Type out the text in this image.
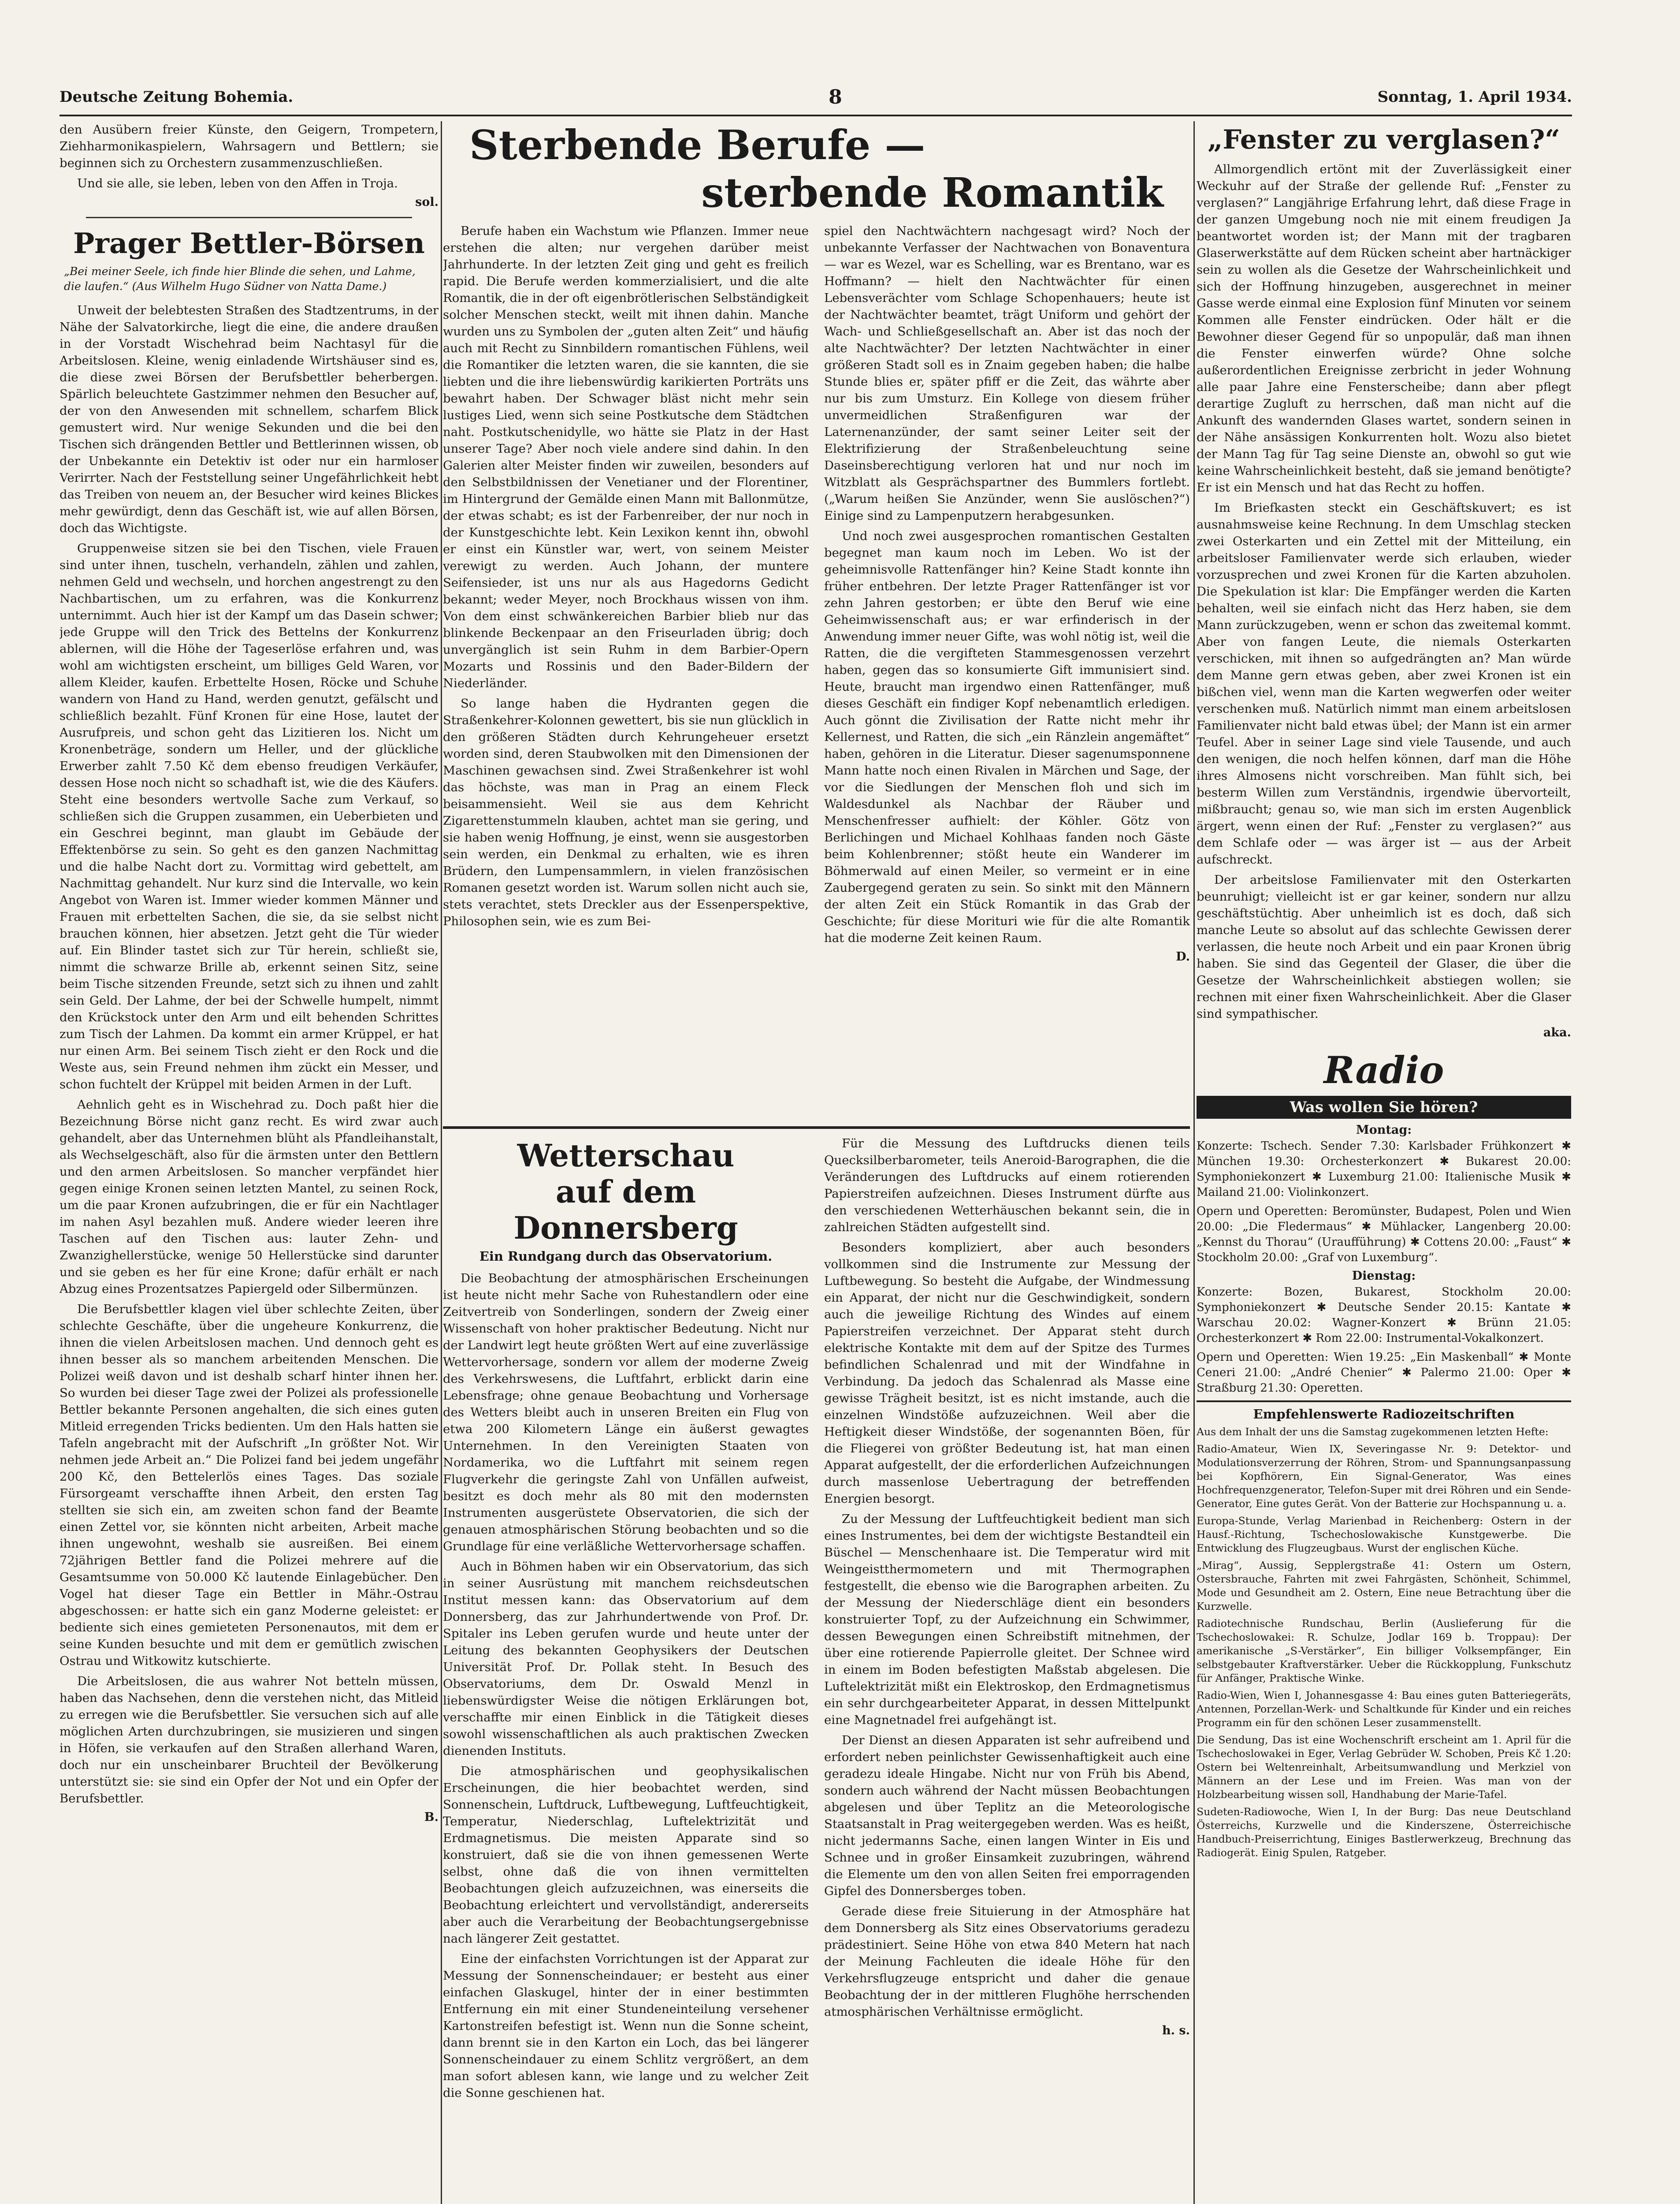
Deutsche Zeitung Bohemia.	8	Sonntag, 1. April 1934.

den Ausübern freier Künste, den Geigern, Trompetern, Ziehharmonikaspielern, Wahrsagern und Bettlern; sie beginnen sich zu Orchestern zusammenzuschließen.

Und sie alle, sie leben, leben von den Affen in Troja.

sol.
Prager Bettler-Börsen

„Bei meiner Seele, ich finde hier Blinde die sehen, und Lahme, die laufen.“ (Aus Wilhelm Hugo Südner von Natta Dame.)

Unweit der belebtesten Straßen des Stadtzentrums, in der Nähe der Salvatorkirche, liegt die eine, die andere draußen in der Vorstadt Wischehrad beim Nachtasyl für die Arbeitslosen. Kleine, wenig einladende Wirtshäuser sind es, die diese zwei Börsen der Berufsbettler beherbergen. Spärlich beleuchtete Gastzimmer nehmen den Besucher auf, der von den Anwesenden mit schnellem, scharfem Blick gemustert wird. Nur wenige Sekunden und die bei den Tischen sich drängenden Bettler und Bettlerinnen wissen, ob der Unbekannte ein Detektiv ist oder nur ein harmloser Verirrter. Nach der Feststellung seiner Ungefährlichkeit hebt das Treiben von neuem an, der Besucher wird keines Blickes mehr gewürdigt, denn das Geschäft ist, wie auf allen Börsen, doch das Wichtigste.

Gruppenweise sitzen sie bei den Tischen, viele Frauen sind unter ihnen, tuscheln, verhandeln, zählen und zahlen, nehmen Geld und wechseln, und horchen angestrengt zu den Nachbartischen, um zu erfahren, was die Konkurrenz unternimmt. Auch hier ist der Kampf um das Dasein schwer; jede Gruppe will den Trick des Bettelns der Konkurrenz ablernen, will die Höhe der Tageserlöse erfahren und, was wohl am wichtigsten erscheint, um billiges Geld Waren, vor allem Kleider, kaufen. Erbettelte Hosen, Röcke und Schuhe wandern von Hand zu Hand, werden genutzt, gefälscht und schließlich bezahlt. Fünf Kronen für eine Hose, lautet der Ausrufpreis, und schon geht das Lizitieren los. Nicht um Kronenbeträge, sondern um Heller, und der glückliche Erwerber zahlt 7.50 Kč dem ebenso freudigen Verkäufer, dessen Hose noch nicht so schadhaft ist, wie die des Käufers. Steht eine besonders wertvolle Sache zum Verkauf, so schließen sich die Gruppen zusammen, ein Ueberbieten und ein Geschrei beginnt, man glaubt im Gebäude der Effektenbörse zu sein. So geht es den ganzen Nachmittag und die halbe Nacht dort zu. Vormittag wird gebettelt, am Nachmittag gehandelt. Nur kurz sind die Intervalle, wo kein Angebot von Waren ist. Immer wieder kommen Männer und Frauen mit erbettelten Sachen, die sie, da sie selbst nicht brauchen können, hier absetzen. Jetzt geht die Tür wieder auf. Ein Blinder tastet sich zur Tür herein, schließt sie, nimmt die schwarze Brille ab, erkennt seinen Sitz, seine beim Tische sitzenden Freunde, setzt sich zu ihnen und zahlt sein Geld. Der Lahme, der bei der Schwelle humpelt, nimmt den Krückstock unter den Arm und eilt behenden Schrittes zum Tisch der Lahmen. Da kommt ein armer Krüppel, er hat nur einen Arm. Bei seinem Tisch zieht er den Rock und die Weste aus, sein Freund nehmen ihm zückt ein Messer, und schon fuchtelt der Krüppel mit beiden Armen in der Luft.

Aehnlich geht es in Wischehrad zu. Doch paßt hier die Bezeichnung Börse nicht ganz recht. Es wird zwar auch gehandelt, aber das Unternehmen blüht als Pfandleihanstalt, als Wechselgeschäft, also für die ärmsten unter den Bettlern und den armen Arbeitslosen. So mancher verpfändet hier gegen einige Kronen seinen letzten Mantel, zu seinen Rock, um die paar Kronen aufzubringen, die er für ein Nachtlager im nahen Asyl bezahlen muß. Andere wieder leeren ihre Taschen auf den Tischen aus: lauter Zehn- und Zwanzighellerstücke, wenige 50 Hellerstücke sind darunter und sie geben es her für eine Krone; dafür erhält er nach Abzug eines Prozentsatzes Papiergeld oder Silbermünzen.

Die Berufsbettler klagen viel über schlechte Zeiten, über schlechte Geschäfte, über die ungeheure Konkurrenz, die ihnen die vielen Arbeitslosen machen. Und dennoch geht es ihnen besser als so manchem arbeitenden Menschen. Die Polizei weiß davon und ist deshalb scharf hinter ihnen her. So wurden bei dieser Tage zwei der Polizei als professionelle Bettler bekannte Personen angehalten, die sich eines guten Mitleid erregenden Tricks bedienten. Um den Hals hatten sie Tafeln angebracht mit der Aufschrift „In größter Not. Wir nehmen jede Arbeit an.“ Die Polizei fand bei jedem ungefähr 200 Kč, den Bettelerlös eines Tages. Das soziale Fürsorgeamt verschaffte ihnen Arbeit, den ersten Tag stellten sie sich ein, am zweiten schon fand der Beamte einen Zettel vor, sie könnten nicht arbeiten, Arbeit mache ihnen ungewohnt, weshalb sie ausreißen. Bei einem 72jährigen Bettler fand die Polizei mehrere auf die Gesamtsumme von 50.000 Kč lautende Einlagebücher. Den Vogel hat dieser Tage ein Bettler in Mähr.-Ostrau abgeschossen: er hatte sich ein ganz Moderne geleistet: er bediente sich eines gemieteten Personenautos, mit dem er seine Kunden besuchte und mit dem er gemütlich zwischen Ostrau und Witkowitz kutschierte.

Die Arbeitslosen, die aus wahrer Not betteln müssen, haben das Nachsehen, denn die verstehen nicht, das Mitleid zu erregen wie die Berufsbettler. Sie versuchen sich auf alle möglichen Arten durchzubringen, sie musizieren und singen in Höfen, sie verkaufen auf den Straßen allerhand Waren, doch nur ein unscheinbarer Bruchteil der Bevölkerung unterstützt sie: sie sind ein Opfer der Not und ein Opfer der Berufsbettler.

B.
Sterbende Berufe —
sterbende Romantik

Berufe haben ein Wachstum wie Pflanzen. Immer neue erstehen die alten; nur vergehen darüber meist Jahrhunderte. In der letzten Zeit ging und geht es freilich rapid. Die Berufe werden kommerzialisiert, und die alte Romantik, die in der oft eigenbrötlerischen Selbständigkeit solcher Menschen steckt, weilt mit ihnen dahin. Manche wurden uns zu Symbolen der „guten alten Zeit“ und häufig auch mit Recht zu Sinnbildern romantischen Fühlens, weil die Romantiker die letzten waren, die sie kannten, die sie liebten und die ihre liebenswürdig karikierten Porträts uns bewahrt haben. Der Schwager bläst nicht mehr sein lustiges Lied, wenn sich seine Postkutsche dem Städtchen naht. Postkutschenidylle, wo hätte sie Platz in der Hast unserer Tage? Aber noch viele andere sind dahin. In den Galerien alter Meister finden wir zuweilen, besonders auf den Selbstbildnissen der Venetianer und der Florentiner, im Hintergrund der Gemälde einen Mann mit Ballonmütze, der etwas schabt; es ist der Farbenreiber, der nur noch in der Kunstgeschichte lebt. Kein Lexikon kennt ihn, obwohl er einst ein Künstler war, wert, von seinem Meister verewigt zu werden. Auch Johann, der muntere Seifensieder, ist uns nur als aus Hagedorns Gedicht bekannt; weder Meyer, noch Brockhaus wissen von ihm. Von dem einst schwänkereichen Barbier blieb nur das blinkende Beckenpaar an den Friseurladen übrig; doch unvergänglich ist sein Ruhm in dem Barbier-Opern Mozarts und Rossinis und den Bader-Bildern der Niederländer.

So lange haben die Hydranten gegen die Straßenkehrer-Kolonnen gewettert, bis sie nun glücklich in den größeren Städten durch Kehrungeheuer ersetzt worden sind, deren Staubwolken mit den Dimensionen der Maschinen gewachsen sind. Zwei Straßenkehrer ist wohl das höchste, was man in Prag an einem Fleck beisammensieht. Weil sie aus dem Kehricht Zigarettenstummeln klauben, achtet man sie gering, und sie haben wenig Hoffnung, je einst, wenn sie ausgestorben sein werden, ein Denkmal zu erhalten, wie es ihren Brüdern, den Lumpensammlern, in vielen französischen Romanen gesetzt worden ist. Warum sollen nicht auch sie, stets verachtet, stets Dreckler aus der Essenperspektive, Philosophen sein, wie es zum Bei-

spiel den Nachtwächtern nachgesagt wird? Noch der unbekannte Verfasser der Nachtwachen von Bonaventura — war es Wezel, war es Schelling, war es Brentano, war es Hoffmann? — hielt den Nachtwächter für einen Lebensverächter vom Schlage Schopenhauers; heute ist der Nachtwächter beamtet, trägt Uniform und gehört der Wach- und Schließgesellschaft an. Aber ist das noch der alte Nachtwächter? Der letzten Nachtwächter in einer größeren Stadt soll es in Znaim gegeben haben; die halbe Stunde blies er, später pfiff er die Zeit, das währte aber nur bis zum Umsturz. Ein Kollege von diesem früher unvermeidlichen Straßenfiguren war der Laternenanzünder, der samt seiner Leiter seit der Elektrifizierung der Straßenbeleuchtung seine Daseinsberechtigung verloren hat und nur noch im Witzblatt als Gesprächspartner des Bummlers fortlebt. („Warum heißen Sie Anzünder, wenn Sie auslöschen?“) Einige sind zu Lampenputzern herabgesunken.

Und noch zwei ausgesprochen romantischen Gestalten begegnet man kaum noch im Leben. Wo ist der geheimnisvolle Rattenfänger hin? Keine Stadt konnte ihn früher entbehren. Der letzte Prager Rattenfänger ist vor zehn Jahren gestorben; er übte den Beruf wie eine Geheimwissenschaft aus; er war erfinderisch in der Anwendung immer neuer Gifte, was wohl nötig ist, weil die Ratten, die die vergifteten Stammesgenossen verzehrt haben, gegen das so konsumierte Gift immunisiert sind. Heute, braucht man irgendwo einen Rattenfänger, muß dieses Geschäft ein findiger Kopf nebenamtlich erledigen. Auch gönnt die Zivilisation der Ratte nicht mehr ihr Kellernest, und Ratten, die sich „ein Ränzlein angemäftet“ haben, gehören in die Literatur. Dieser sagenumsponnene Mann hatte noch einen Rivalen in Märchen und Sage, der vor die Siedlungen der Menschen floh und sich im Waldesdunkel als Nachbar der Räuber und Menschenfresser aufhielt: der Köhler. Götz von Berlichingen und Michael Kohlhaas fanden noch Gäste beim Kohlenbrenner; stößt heute ein Wanderer im Böhmerwald auf einen Meiler, so vermeint er in eine Zaubergegend geraten zu sein. So sinkt mit den Männern der alten Zeit ein Stück Romantik in das Grab der Geschichte; für diese Morituri wie für die alte Romantik hat die moderne Zeit keinen Raum.

D.
Wetterschau
auf dem Donnersberg
Ein Rundgang durch das Observatorium.

Die Beobachtung der atmosphärischen Erscheinungen ist heute nicht mehr Sache von Ruhestandlern oder eine Zeitvertreib von Sonderlingen, sondern der Zweig einer Wissenschaft von hoher praktischer Bedeutung. Nicht nur der Landwirt legt heute größten Wert auf eine zuverlässige Wettervorhersage, sondern vor allem der moderne Zweig des Verkehrswesens, die Luftfahrt, erblickt darin eine Lebensfrage; ohne genaue Beobachtung und Vorhersage des Wetters bleibt auch in unseren Breiten ein Flug von etwa 200 Kilometern Länge ein äußerst gewagtes Unternehmen. In den Vereinigten Staaten von Nordamerika, wo die Luftfahrt mit seinem regen Flugverkehr die geringste Zahl von Unfällen aufweist, besitzt es doch mehr als 80 mit den modernsten Instrumenten ausgerüstete Observatorien, die sich der genauen atmosphärischen Störung beobachten und so die Grundlage für eine verläßliche Wettervorhersage schaffen.

Auch in Böhmen haben wir ein Observatorium, das sich in seiner Ausrüstung mit manchem reichsdeutschen Institut messen kann: das Observatorium auf dem Donnersberg, das zur Jahrhundertwende von Prof. Dr. Spitaler ins Leben gerufen wurde und heute unter der Leitung des bekannten Geophysikers der Deutschen Universität Prof. Dr. Pollak steht. In Besuch des Observatoriums, dem Dr. Oswald Menzl in liebenswürdigster Weise die nötigen Erklärungen bot, verschaffte mir einen Einblick in die Tätigkeit dieses sowohl wissenschaftlichen als auch praktischen Zwecken dienenden Instituts.

Die atmosphärischen und geophysikalischen Erscheinungen, die hier beobachtet werden, sind Sonnenschein, Luftdruck, Luftbewegung, Luftfeuchtigkeit, Temperatur, Niederschlag, Luftelektrizität und Erdmagnetismus. Die meisten Apparate sind so konstruiert, daß sie die von ihnen gemessenen Werte selbst, ohne daß die von ihnen vermittelten Beobachtungen gleich aufzuzeichnen, was einerseits die Beobachtung erleichtert und vervollständigt, andererseits aber auch die Verarbeitung der Beobachtungsergebnisse nach längerer Zeit gestattet.

Eine der einfachsten Vorrichtungen ist der Apparat zur Messung der Sonnenscheindauer; er besteht aus einer einfachen Glaskugel, hinter der in einer bestimmten Entfernung ein mit einer Stundeneinteilung versehener Kartonstreifen befestigt ist. Wenn nun die Sonne scheint, dann brennt sie in den Karton ein Loch, das bei längerer Sonnenscheindauer zu einem Schlitz vergrößert, an dem man sofort ablesen kann, wie lange und zu welcher Zeit die Sonne geschienen hat.

Für die Messung des Luftdrucks dienen teils Quecksilberbarometer, teils Aneroid-Barographen, die die Veränderungen des Luftdrucks auf einem rotierenden Papierstreifen aufzeichnen. Dieses Instrument dürfte aus den verschiedenen Wetterhäuschen bekannt sein, die in zahlreichen Städten aufgestellt sind.

Besonders kompliziert, aber auch besonders vollkommen sind die Instrumente zur Messung der Luftbewegung. So besteht die Aufgabe, der Windmessung ein Apparat, der nicht nur die Geschwindigkeit, sondern auch die jeweilige Richtung des Windes auf einem Papierstreifen verzeichnet. Der Apparat steht durch elektrische Kontakte mit dem auf der Spitze des Turmes befindlichen Schalenrad und mit der Windfahne in Verbindung. Da jedoch das Schalenrad als Masse eine gewisse Trägheit besitzt, ist es nicht imstande, auch die einzelnen Windstöße aufzuzeichnen. Weil aber die Heftigkeit dieser Windstöße, der sogenannten Böen, für die Fliegerei von größter Bedeutung ist, hat man einen Apparat aufgestellt, der die erforderlichen Aufzeichnungen durch massenlose Uebertragung der betreffenden Energien besorgt.

Zu der Messung der Luftfeuchtigkeit bedient man sich eines Instrumentes, bei dem der wichtigste Bestandteil ein Büschel — Menschenhaare ist. Die Temperatur wird mit Weingeistthermometern und mit Thermographen festgestellt, die ebenso wie die Barographen arbeiten. Zu der Messung der Niederschläge dient ein besonders konstruierter Topf, zu der Aufzeichnung ein Schwimmer, dessen Bewegungen einen Schreibstift mitnehmen, der über eine rotierende Papierrolle gleitet. Der Schnee wird in einem im Boden befestigten Maßstab abgelesen. Die Luftelektrizität mißt ein Elektroskop, den Erdmagnetismus ein sehr durchgearbeiteter Apparat, in dessen Mittelpunkt eine Magnetnadel frei aufgehängt ist.

Der Dienst an diesen Apparaten ist sehr aufreibend und erfordert neben peinlichster Gewissenhaftigkeit auch eine geradezu ideale Hingabe. Nicht nur von Früh bis Abend, sondern auch während der Nacht müssen Beobachtungen abgelesen und über Teplitz an die Meteorologische Staatsanstalt in Prag weitergegeben werden. Was es heißt, nicht jedermanns Sache, einen langen Winter in Eis und Schnee und in großer Einsamkeit zuzubringen, während die Elemente um den von allen Seiten frei emporragenden Gipfel des Donnersberges toben.

Gerade diese freie Situierung in der Atmosphäre hat dem Donnersberg als Sitz eines Observatoriums geradezu prädestiniert. Seine Höhe von etwa 840 Metern hat nach der Meinung Fachleuten die ideale Höhe für den Verkehrsflugzeuge entspricht und daher die genaue Beobachtung der in der mittleren Flughöhe herrschenden atmosphärischen Verhältnisse ermöglicht.

h. s.
„Fenster zu verglasen?“

Allmorgendlich ertönt mit der Zuverlässigkeit einer Weckuhr auf der Straße der gellende Ruf: „Fenster zu verglasen?“ Langjährige Erfahrung lehrt, daß diese Frage in der ganzen Umgebung noch nie mit einem freudigen Ja beantwortet worden ist; der Mann mit der tragbaren Glaserwerkstätte auf dem Rücken scheint aber hartnäckiger sein zu wollen als die Gesetze der Wahrscheinlichkeit und sich der Hoffnung hinzugeben, ausgerechnet in meiner Gasse werde einmal eine Explosion fünf Minuten vor seinem Kommen alle Fenster eindrücken. Oder hält er die Bewohner dieser Gegend für so unpopulär, daß man ihnen die Fenster einwerfen würde? Ohne solche außerordentlichen Ereignisse zerbricht in jeder Wohnung alle paar Jahre eine Fensterscheibe; dann aber pflegt derartige Zugluft zu herrschen, daß man nicht auf die Ankunft des wandernden Glases wartet, sondern seinen in der Nähe ansässigen Konkurrenten holt. Wozu also bietet der Mann Tag für Tag seine Dienste an, obwohl so gut wie keine Wahrscheinlichkeit besteht, daß sie jemand benötigte? Er ist ein Mensch und hat das Recht zu hoffen.

Im Briefkasten steckt ein Geschäftskuvert; es ist ausnahmsweise keine Rechnung. In dem Umschlag stecken zwei Osterkarten und ein Zettel mit der Mitteilung, ein arbeitsloser Familienvater werde sich erlauben, wieder vorzusprechen und zwei Kronen für die Karten abzuholen. Die Spekulation ist klar: Die Empfänger werden die Karten behalten, weil sie einfach nicht das Herz haben, sie dem Mann zurückzugeben, wenn er schon das zweitemal kommt. Aber von fangen Leute, die niemals Osterkarten verschicken, mit ihnen so aufgedrängten an? Man würde dem Manne gern etwas geben, aber zwei Kronen ist ein bißchen viel, wenn man die Karten wegwerfen oder weiter verschenken muß. Natürlich nimmt man einem arbeitslosen Familienvater nicht bald etwas übel; der Mann ist ein armer Teufel. Aber in seiner Lage sind viele Tausende, und auch den wenigen, die noch helfen können, darf man die Höhe ihres Almosens nicht vorschreiben. Man fühlt sich, bei besterm Willen zum Verständnis, irgendwie übervorteilt, mißbraucht; genau so, wie man sich im ersten Augenblick ärgert, wenn einen der Ruf: „Fenster zu verglasen?“ aus dem Schlafe oder — was ärger ist — aus der Arbeit aufschreckt.

Der arbeitslose Familienvater mit den Osterkarten beunruhigt; vielleicht ist er gar keiner, sondern nur allzu geschäftstüchtig. Aber unheimlich ist es doch, daß sich manche Leute so absolut auf das schlechte Gewissen derer verlassen, die heute noch Arbeit und ein paar Kronen übrig haben. Sie sind das Gegenteil der Glaser, die über die Gesetze der Wahrscheinlichkeit abstiegen wollen; sie rechnen mit einer fixen Wahrscheinlichkeit. Aber die Glaser sind sympathischer.

aka.
Radio
Was wollen Sie hören?
Montag:

Konzerte: Tschech. Sender 7.30: Karlsbader Frühkonzert ✱ München 19.30: Orchesterkonzert ✱ Bukarest 20.00: Symphoniekonzert ✱ Luxemburg 21.00: Italienische Musik ✱ Mailand 21.00: Violinkonzert.

Opern und Operetten: Beromünster, Budapest, Polen und Wien 20.00: „Die Fledermaus“ ✱ Mühlacker, Langenberg 20.00: „Kennst du Thorau“ (Uraufführung) ✱ Cottens 20.00: „Faust“ ✱ Stockholm 20.00: „Graf von Luxemburg“.

Dienstag:

Konzerte: Bozen, Bukarest, Stockholm 20.00: Symphoniekonzert ✱ Deutsche Sender 20.15: Kantate ✱ Warschau 20.02: Wagner-Konzert ✱ Brünn 21.05: Orchesterkonzert ✱ Rom 22.00: Instrumental-Vokalkonzert.

Opern und Operetten: Wien 19.25: „Ein Maskenball“ ✱ Monte Ceneri 21.00: „André Chenier“ ✱ Palermo 21.00: Oper ✱ Straßburg 21.30: Operetten.

Empfehlenswerte Radiozeitschriften

Aus dem Inhalt der uns die Samstag zugekommenen letzten Hefte:

Radio-Amateur, Wien IX, Severingasse Nr. 9: Detektor- und Modulationsverzerrung der Röhren, Strom- und Spannungsanpassung bei Kopfhörern, Ein Signal-Generator, Was eines Hochfrequenzgenerator, Telefon-Super mit drei Röhren und ein Sende-Generator, Eine gutes Gerät. Von der Batterie zur Hochspannung u. a.

Europa-Stunde, Verlag Marienbad in Reichenberg: Ostern in der Hausf.-Richtung, Tschechoslowakische Kunstgewerbe. Die Entwicklung des Flugzeugbaus. Wurst der englischen Küche.

„Mirag“, Aussig, Sepplergstraße 41: Ostern um Ostern, Ostersbrauche, Fahrten mit zwei Fahrgästen, Schönheit, Schimmel, Mode und Gesundheit am 2. Ostern, Eine neue Betrachtung über die Kurzwelle.

Radiotechnische Rundschau, Berlin (Auslieferung für die Tschechoslowakei: R. Schulze, Jodlar 169 b. Troppau): Der amerikanische „S-Verstärker“, Ein billiger Volksempfänger, Ein selbstgebauter Kraftverstärker. Ueber die Rückkopplung, Funkschutz für Anfänger, Praktische Winke.

Radio-Wien, Wien I, Johannesgasse 4: Bau eines guten Batteriegeräts, Antennen, Porzellan-Werk- und Schaltkunde für Kinder und ein reiches Programm ein für den schönen Leser zusammenstellt.

Die Sendung, Das ist eine Wochenschrift erscheint am 1. April für die Tschechoslowakei in Eger, Verlag Gebrüder W. Schoben, Preis Kč 1.20: Ostern bei Weltenreinhalt, Arbeitsumwandlung und Merkziel von Männern an der Lese und im Freien. Was man von der Holzbearbeitung wissen soll, Handhabung der Marie-Tafel.

Sudeten-Radiowoche, Wien I, In der Burg: Das neue Deutschland Österreichs, Kurzwelle und die Kinderszene, Österreichische Handbuch-Preiserrichtung, Einiges Bastlerwerkzeug, Brechnung das Radiogerät. Einig Spulen, Ratgeber.
